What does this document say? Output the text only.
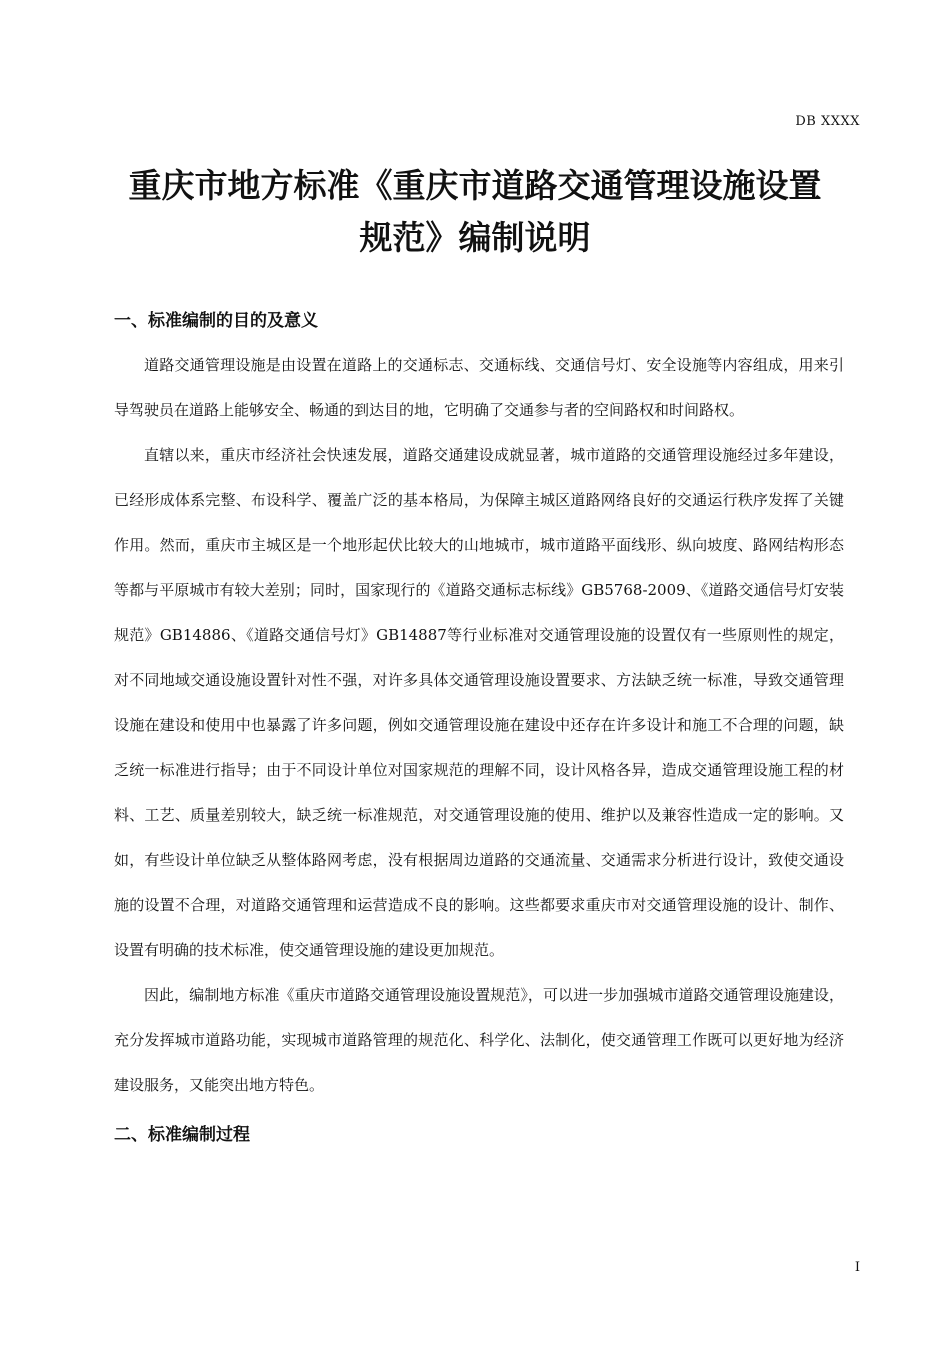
DB XXXX
重庆市地方标准《重庆市道路交通管理设施设置
规范》编制说明
一、标准编制的目的及意义

道路交通管理设施是由设置在道路上的交通标志、交通标线、交通信号灯、安全设施等内容组成，用来引导驾驶员在道路上能够安全、畅通的到达目的地，它明确了交通参与者的空间路权和时间路权。

直辖以来，重庆市经济社会快速发展，道路交通建设成就显著，城市道路的交通管理设施经过多年建设，已经形成体系完整、布设科学、覆盖广泛的基本格局，为保障主城区道路网络良好的交通运行秩序发挥了关键作用。然而，重庆市主城区是一个地形起伏比较大的山地城市，城市道路平面线形、纵向坡度、路网结构形态等都与平原城市有较大差别；同时，国家现行的《道路交通标志标线》GB5768-2009、《道路交通信号灯安装规范》GB14886、《道路交通信号灯》GB14887等行业标准对交通管理设施的设置仅有一些原则性的规定，对不同地域交通设施设置针对性不强，对许多具体交通管理设施设置要求、方法缺乏统一标准，导致交通管理设施在建设和使用中也暴露了许多问题，例如交通管理设施在建设中还存在许多设计和施工不合理的问题，缺乏统一标准进行指导；由于不同设计单位对国家规范的理解不同，设计风格各异，造成交通管理设施工程的材料、工艺、质量差别较大，缺乏统一标准规范，对交通管理设施的使用、维护以及兼容性造成一定的影响。又如，有些设计单位缺乏从整体路网考虑，没有根据周边道路的交通流量、交通需求分析进行设计，致使交通设施的设置不合理，对道路交通管理和运营造成不良的影响。这些都要求重庆市对交通管理设施的设计、制作、设置有明确的技术标准，使交通管理设施的建设更加规范。

因此，编制地方标准《重庆市道路交通管理设施设置规范》，可以进一步加强城市道路交通管理设施建设，充分发挥城市道路功能，实现城市道路管理的规范化、科学化、法制化，使交通管理工作既可以更好地为经济建设服务，又能突出地方特色。

二、标准编制过程
I
